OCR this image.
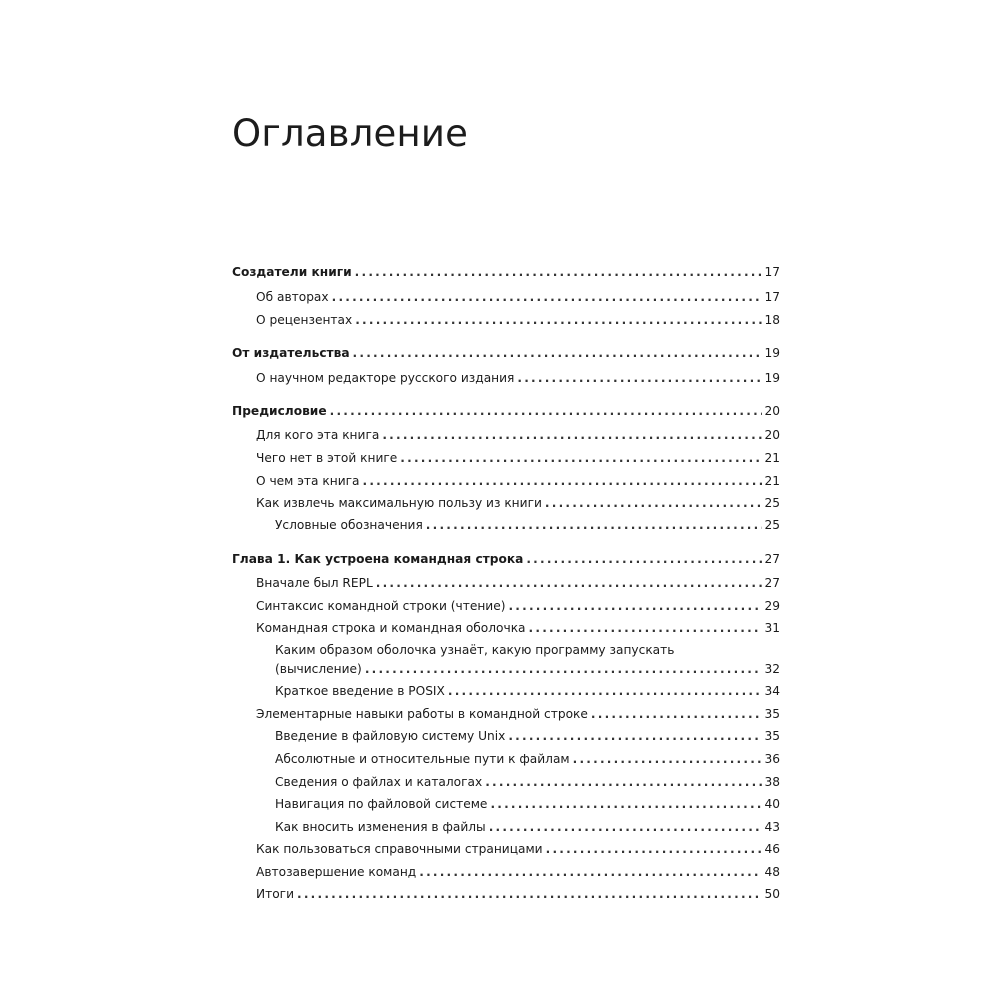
Оглавление
Создатели книги .....	17
Об авторах .....	17
О рецензентах .....	18
От издательства .....	19
О научном редакторе русского издания .....	19
Предисловие .....	20
Для кого эта книга .....	20
Чего нет в этой книге .....	21
О чем эта книга .....	21
Как извлечь максимальную пользу из книги .....	25
Условные обозначения .....	25
Глава 1. Как устроена командная строка .....	27
Вначале был REPL .....	27
Синтаксис командной строки (чтение) .....	29
Командная строка и командная оболочка .....	31
Каким образом оболочка узнаёт, какую программу запускать
(вычисление) .....	32
Краткое введение в POSIX .....	34
Элементарные навыки работы в командной строке .....	35
Введение в файловую систему Unix .....	35
Абсолютные и относительные пути к файлам .....	36
Сведения о файлах и каталогах .....	38
Навигация по файловой системе .....	40
Как вносить изменения в файлы .....	43
Как пользоваться справочными страницами .....	46
Автозавершение команд .....	48
Итоги .....	50
